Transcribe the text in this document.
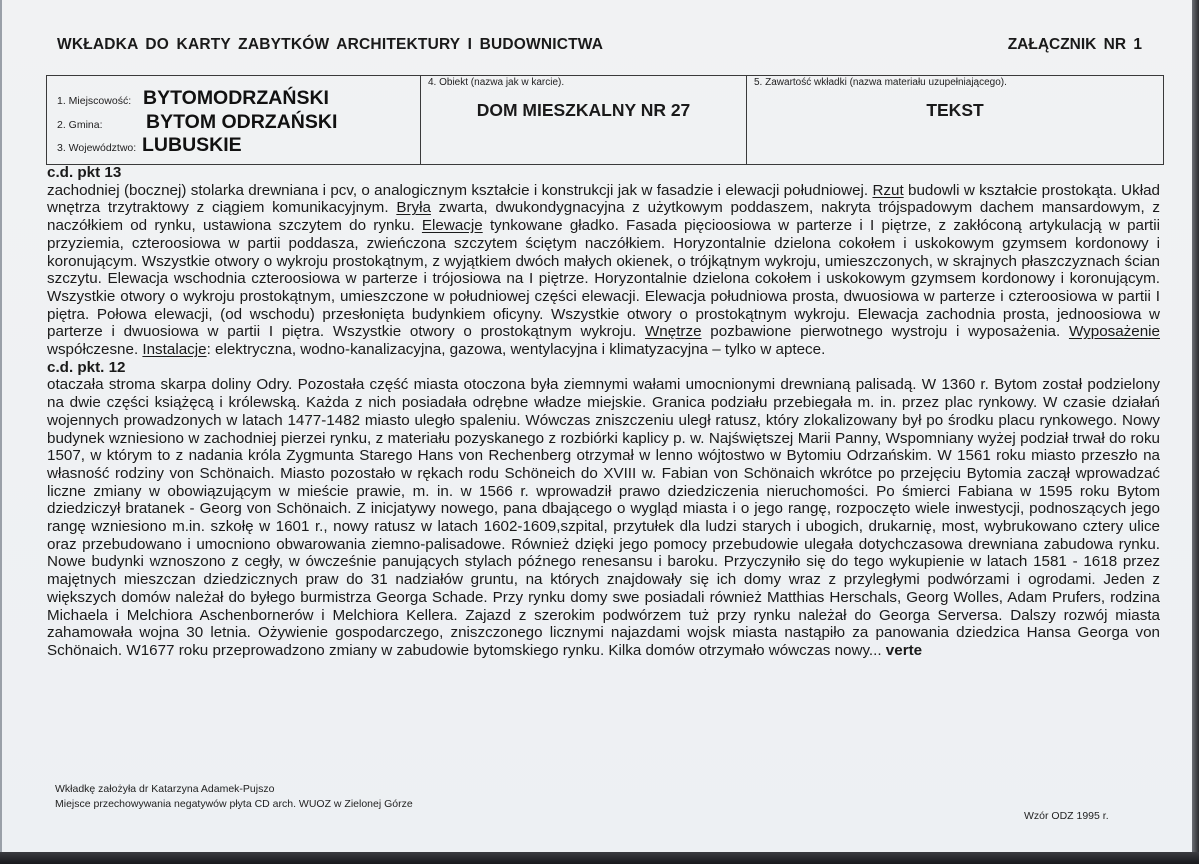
WKŁADKA DO KARTY ZABYTKÓW ARCHITEKTURY I BUDOWNICTWA	ZAŁĄCZNIK NR 1
1. Miejscowość: BYTOMODRZAŃSKI
2. Gmina:	BYTOM ODRZAŃSKI
3. Województwo: LUBUSKIE
4. Obiekt (nazwa jak w karcie).
DOM MIESZKALNY NR 27
5. Zawartość wkładki (nazwa materiału uzupełniającego).
TEKST
c.d. pkt 13

zachodniej (bocznej) stolarka drewniana i pcv, o analogicznym kształcie i konstrukcji jak w fasadzie i elewacji południowej. Rzut budowli w kształcie prostokąta. Układ wnętrza trzytraktowy z ciągiem komunikacyjnym. Bryła zwarta, dwukondygnacyjna z użytkowym poddaszem, nakryta trójspadowym dachem mansardowym, z naczółkiem od rynku, ustawiona szczytem do rynku. Elewacje tynkowane gładko. Fasada pięcioosiowa w parterze i I piętrze, z zakłóconą artykulacją w partii przyziemia, czteroosiowa w partii poddasza, zwieńczona szczytem ściętym naczółkiem. Horyzontalnie dzielona cokołem i uskokowym gzymsem kordonowy i koronującym. Wszystkie otwory o wykroju prostokątnym, z wyjątkiem dwóch małych okienek, o trójkątnym wykroju, umieszczonych, w skrajnych płaszczyznach ścian szczytu. Elewacja wschodnia czteroosiowa w parterze i trójosiowa na I piętrze. Horyzontalnie dzielona cokołem i uskokowym gzymsem kordonowy i koronującym. Wszystkie otwory o wykroju prostokątnym, umieszczone w południowej części elewacji. Elewacja południowa prosta, dwuosiowa w parterze i czteroosiowa w partii I piętra. Połowa elewacji, (od wschodu) przesłonięta budynkiem oficyny. Wszystkie otwory o prostokątnym wykroju. Elewacja zachodnia prosta, jednoosiowa w parterze i dwuosiowa w partii I piętra. Wszystkie otwory o prostokątnym wykroju. Wnętrze pozbawione pierwotnego wystroju i wyposażenia. Wyposażenie współczesne. Instalacje: elektryczna, wodno-kanalizacyjna, gazowa, wentylacyjna i klimatyzacyjna – tylko w aptece.

c.d. pkt. 12

otaczała stroma skarpa doliny Odry. Pozostała część miasta otoczona była ziemnymi wałami umocnionymi drewnianą palisadą. W 1360 r. Bytom został podzielony na dwie części książęcą i królewską. Każda z nich posiadała odrębne władze miejskie. Granica podziału przebiegała m. in. przez plac rynkowy. W czasie działań wojennych prowadzonych w latach 1477-1482 miasto uległo spaleniu. Wówczas zniszczeniu uległ ratusz, który zlokalizowany był po środku placu rynkowego. Nowy budynek wzniesiono w zachodniej pierzei rynku, z materiału pozyskanego z rozbiórki kaplicy p. w. Najświętszej Marii Panny, Wspomniany wyżej podział trwał do roku 1507, w którym to z nadania króla Zygmunta Starego Hans von Rechenberg otrzymał w lenno wójtostwo w Bytomiu Odrzańskim. W 1561 roku miasto przeszło na własność rodziny von Schönaich. Miasto pozostało w rękach rodu Schöneich do XVIII w. Fabian von Schönaich wkrótce po przejęciu Bytomia zaczął wprowadzać liczne zmiany w obowiązującym w mieście prawie, m. in. w 1566 r. wprowadził prawo dziedziczenia nieruchomości. Po śmierci Fabiana w 1595 roku Bytom dziedziczył bratanek - Georg von Schönaich. Z inicjatywy nowego, pana dbającego o wygląd miasta i o jego rangę, rozpoczęto wiele inwestycji, podnoszących jego rangę wzniesiono m.in. szkołę w 1601 r., nowy ratusz w latach 1602-1609,szpital, przytułek dla ludzi starych i ubogich, drukarnię, most, wybrukowano cztery ulice oraz przebudowano i umocniono obwarowania ziemno-palisadowe. Również dzięki jego pomocy przebudowie ulegała dotychczasowa drewniana zabudowa rynku. Nowe budynki wznoszono z cegły, w ówcześnie panujących stylach późnego renesansu i baroku. Przyczyniło się do tego wykupienie w latach 1581 - 1618 przez majętnych mieszczan dziedzicznych praw do 31 nadziałów gruntu, na których znajdowały się ich domy wraz z przyległymi podwórzami i ogrodami. Jeden z większych domów należał do byłego burmistrza Georga Schade. Przy rynku domy swe posiadali również Matthias Herschals, Georg Wolles, Adam Prufers, rodzina Michaela i Melchiora Aschenbornerów i Melchiora Kellera. Zajazd z szerokim podwórzem tuż przy rynku należał do Georga Serversa. Dalszy rozwój miasta zahamowała wojna 30 letnia. Ożywienie gospodarczego, zniszczonego licznymi najazdami wojsk miasta nastąpiło za panowania dziedzica Hansa Georga von Schönaich. W1677 roku przeprowadzono zmiany w zabudowie bytomskiego rynku. Kilka domów otrzymało wówczas nowy... verte

Wkładkę założyła dr Katarzyna Adamek-Pujszo
Miejsce przechowywania negatywów płyta CD arch. WUOZ w Zielonej Górze
Wzór ODZ 1995 r.
